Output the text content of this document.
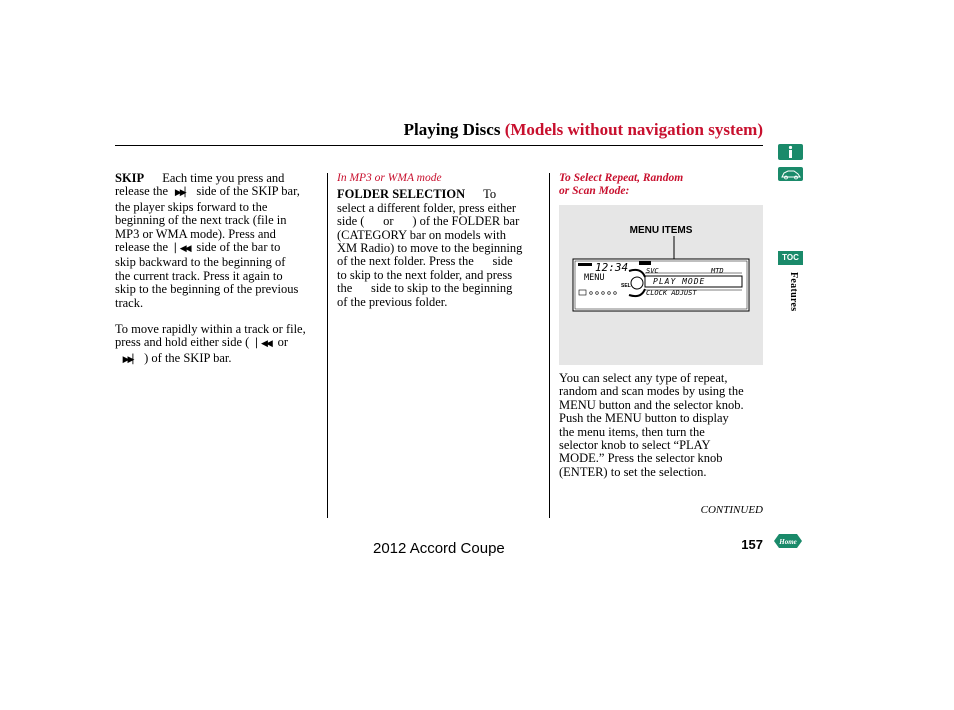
Playing Discs (Models without navigation system)

SKIP Each time you press and

release the ▶▶▏ side of the SKIP bar,

the player skips forward to the

beginning of the next track (file in

MP3 or WMA mode). Press and

release the ▏◀◀ side of the bar to

skip backward to the beginning of

the current track. Press it again to

skip to the beginning of the previous

track.

To move rapidly within a track or file,

press and hold either side ( ▏◀◀ or

▶▶▏ ) of the SKIP bar.

In MP3 or WMA mode

FOLDER SELECTION To

select a different folder, press either

side (      or      ) of the FOLDER bar

(CATEGORY bar on models with

XM Radio) to move to the beginning

of the next folder. Press the      side

to skip to the next folder, and press

the      side to skip to the beginning

of the previous folder.

To Select Repeat, Random

or Scan Mode:

MENU ITEMS
12:34
MENU
SEL
SVC	MTD
PLAY MODE
CLOCK ADJUST

You can select any type of repeat,

random and scan modes by using the

MENU button and the selector knob.

Push the MENU button to display

the menu items, then turn the

selector knob to select “PLAY

MODE.” Press the selector knob

(ENTER) to set the selection.

CONTINUED
157
2012 Accord Coupe
TOC
Features
Home
